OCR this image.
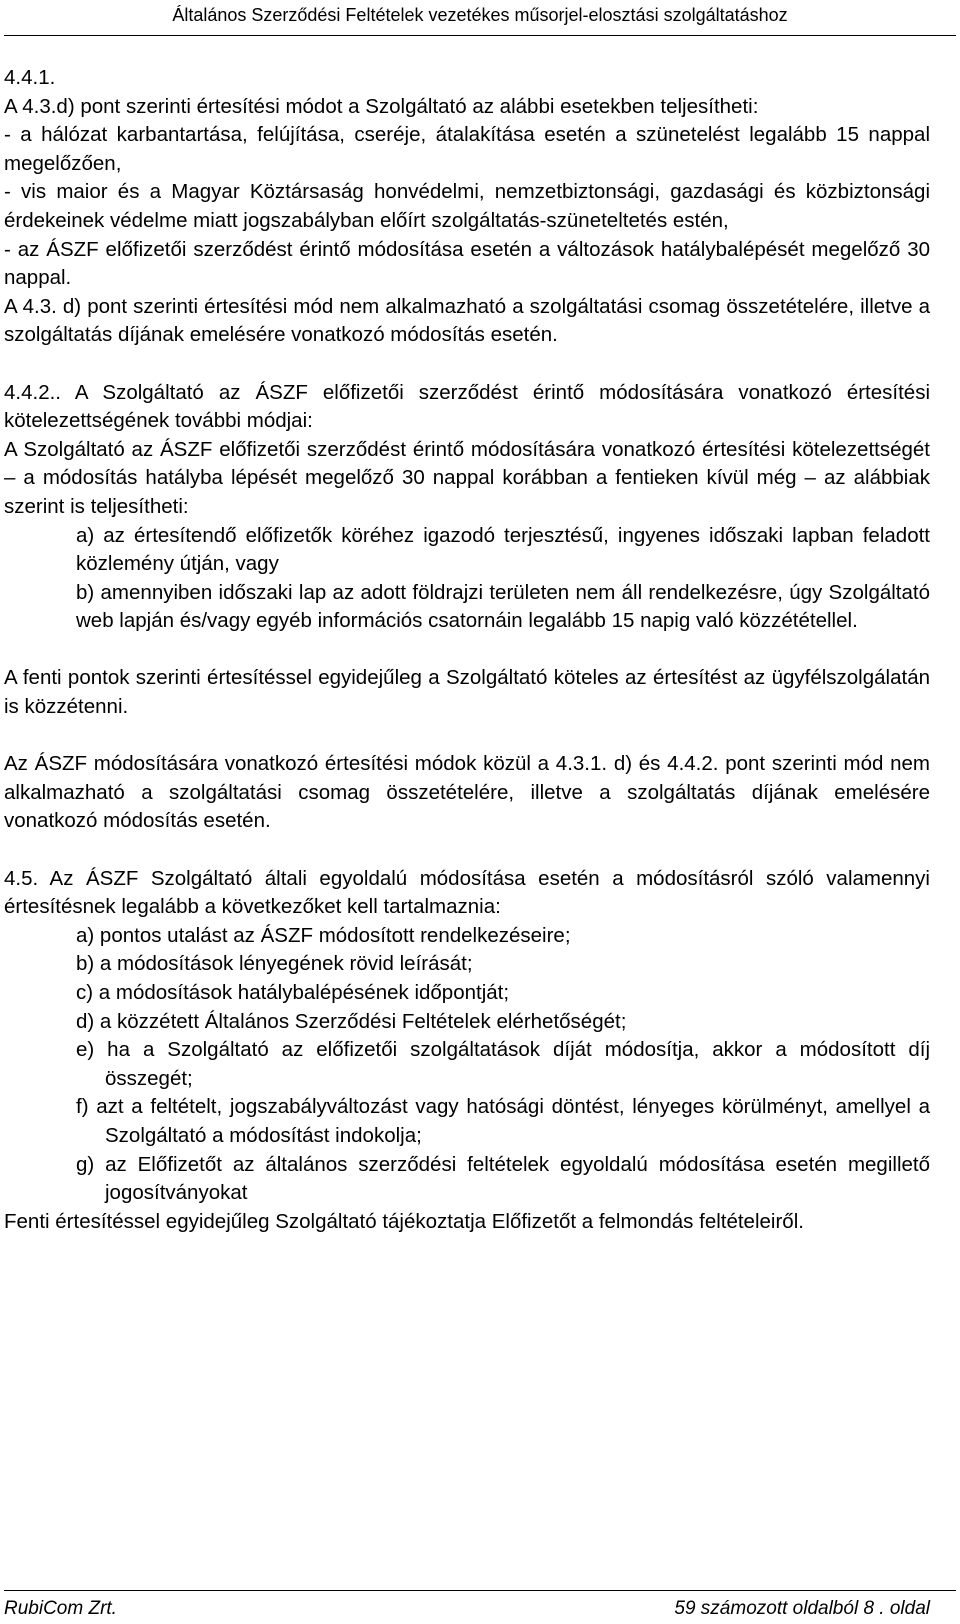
Általános Szerződési Feltételek vezetékes műsorjel-elosztási szolgáltatáshoz

4.4.1.

A 4.3.d) pont szerinti értesítési módot a Szolgáltató az alábbi esetekben teljesítheti:

- a hálózat karbantartása, felújítása, cseréje, átalakítása esetén a szünetelést legalább 15 nappal megelőzően,

- vis maior és a Magyar Köztársaság honvédelmi, nemzetbiztonsági, gazdasági és közbiztonsági érdekeinek védelme miatt jogszabályban előírt szolgáltatás-szüneteltetés estén,

- az ÁSZF előfizetői szerződést érintő módosítása esetén a változások hatálybalépését megelőző 30 nappal.

A 4.3. d) pont szerinti értesítési mód nem alkalmazható a szolgáltatási csomag összetételére, illetve a szolgáltatás díjának emelésére vonatkozó módosítás esetén.

4.4.2.. A Szolgáltató az ÁSZF előfizetői szerződést érintő módosítására vonatkozó értesítési kötelezettségének további módjai:

A Szolgáltató az ÁSZF előfizetői szerződést érintő módosítására vonatkozó értesítési kötelezettségét – a módosítás hatályba lépését megelőző 30 nappal korábban a fentieken kívül még – az alábbiak szerint is teljesítheti:

a) az értesítendő előfizetők köréhez igazodó terjesztésű, ingyenes időszaki lapban feladott közlemény útján, vagy

b) amennyiben időszaki lap az adott földrajzi területen nem áll rendelkezésre, úgy Szolgáltató web lapján és/vagy egyéb információs csatornáin legalább 15 napig való közzététellel.

A fenti pontok szerinti értesítéssel egyidejűleg a Szolgáltató köteles az értesítést az ügyfélszolgálatán is közzétenni.

Az ÁSZF módosítására vonatkozó értesítési módok közül a 4.3.1. d) és 4.4.2. pont szerinti mód nem alkalmazható a szolgáltatási csomag összetételére, illetve a szolgáltatás díjának emelésére vonatkozó módosítás esetén.

4.5. Az ÁSZF Szolgáltató általi egyoldalú módosítása esetén a módosításról szóló valamennyi értesítésnek legalább a következőket kell tartalmaznia:

a) pontos utalást az ÁSZF módosított rendelkezéseire;

b) a módosítások lényegének rövid leírását;

c) a módosítások hatálybalépésének időpontját;

d) a közzétett Általános Szerződési Feltételek elérhetőségét;

e) ha a Szolgáltató az előfizetői szolgáltatások díját módosítja, akkor a módosított díj összegét;

f) azt a feltételt, jogszabályváltozást vagy hatósági döntést, lényeges körülményt, amellyel a Szolgáltató a módosítást indokolja;

g) az Előfizetőt az általános szerződési feltételek egyoldalú módosítása esetén megillető jogosítványokat

Fenti értesítéssel egyidejűleg Szolgáltató tájékoztatja Előfizetőt a felmondás feltételeiről.

RubiCom Zrt.	59 számozott oldalból 8 . oldal
